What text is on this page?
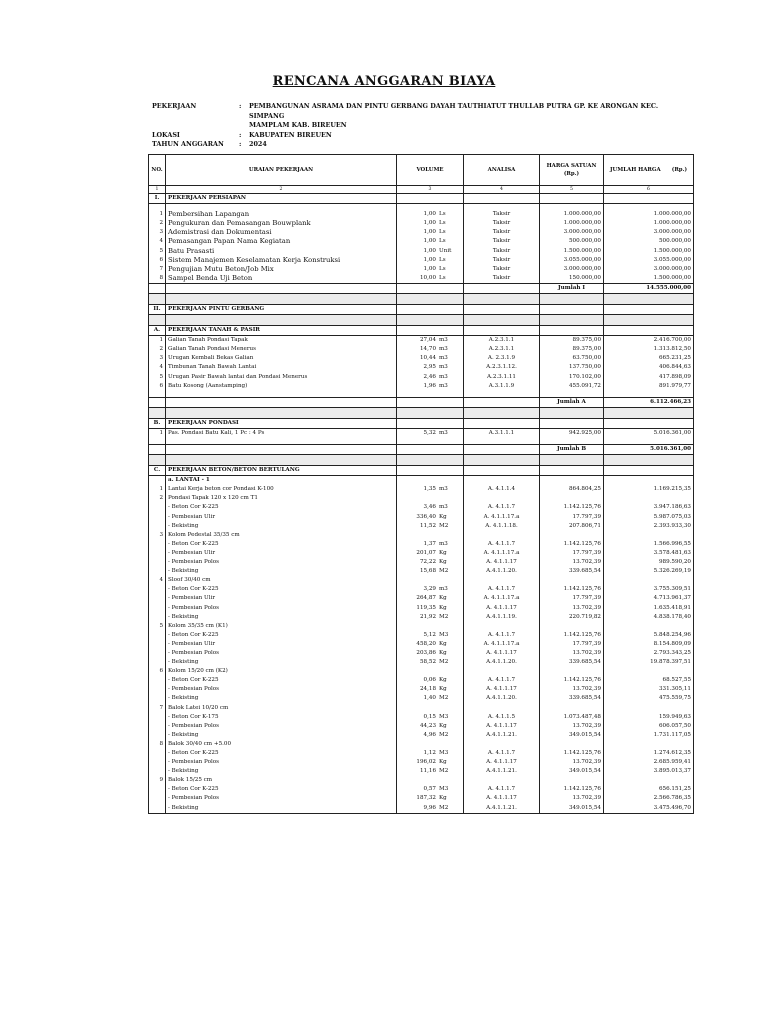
RENCANA ANGGARAN BIAYA
PEKERJAAN	:	PEMBANGUNAN ASRAMA DAN PINTU GERBANG DAYAH TAUTHIATUT THULLAB PUTRA GP. KE ARONGAN KEC. SIMPANG
MAMPLAM KAB. BIREUEN
LOKASI	:	KABUPATEN BIREUEN
TAHUN ANGGARAN	:	2024
NO.	URAIAN PEKERJAAN	VOLUME	ANALISA	HARGA SATUAN (Rp.)	JUMLAH HARGA (Rp.)

1	2	3	4	5	6
I.	PEKERJAAN PERSIAPAN				

1	Pembersihan Lapangan	1,00 Ls	Taksir	1.000.000,00	1.000.000,00
2	Pengukuran dan Pemasangan Bouwplank	1,00 Ls	Taksir	1.000.000,00	1.000.000,00
3	Ademistrasi dan Dokumentasi	1,00 Ls	Taksir	3.000.000,00	3.000.000,00
4	Pemasangan Papan Nama Kegiatan	1,00 Ls	Taksir	500.000,00	500.000,00
5	Batu Prasasti	1,00 Unit	Taksir	1.500.000,00	1.500.000,00
6	Sistem Manajemen Keselamatan Kerja Konstruksi	1,00 Ls	Taksir	3.055.000,00	3.055.000,00
7	Pengujian Mutu Beton/Job Mix	1,00 Ls	Taksir	3.000.000,00	3.000.000,00
8	Sampel Benda Uji Beton	10,00 Ls	Taksir	150.000,00	1.500.000,00
				Jumlah I	14.555.000,00

II.	PEKERJAAN PINTU GERBANG				

A.	PEKERJAAN TANAH & PASIR				
1	Galian Tanah Pondasi Tapak	27,04 m3	A.2.3.1.1	89.375,00	2.416.700,00
2	Galian Tanah Pondasi Menerus	14,70 m3	A.2.3.1.1	89.375,00	1.313.812,50
3	Urugan Kembali Bekas Galian	10,44 m3	A. 2.3.1.9	63.750,00	665.231,25
4	Timbunan Tanah Bawah Lantai	2,95 m3	A.2.3.1.12.	137.750,00	406.844,63
5	Urugan Pasir Bawah lantai dan Pondasi Menerus	2,46 m3	A.2.3.1.11	170.102,00	417.898,09
6	Batu Kosong (Aanstamping)	1,96 m3	A.3.1.1.9	455.091,72	891.979,77

				Jumlah A	6.112.466,23

B.	PEKERJAAN PONDASI				
1	Pas. Pondasi Batu Kali, 1 Pc : 4 Ps	5,32 m3	A.3.1.1.1	942.925,00	5.016.361,00

				Jumlah B	5.016.361,00

C.	PEKERJAAN BETON/BETON BERTULANG				
	a. LANTAI - 1				
1	Lantai Kerja beton cor Pondasi K-100	1,35 m3	A. 4.1.1.4	864.804,25	1.169.215,35
2	Pondasi Tapak 120 x 120 cm T1				
	- Beton Cor K-225	3,46 m3	A. 4.1.1.7	1.142.125,76	3.947.186,63
	- Pembesian Ulir	336,40 Kg	A. 4.1.1.17.a	17.797,39	5.987.075,03
	- Bekisting	11,52 M2	A. 4.1.1.18.	207.806,71	2.393.933,30
3	Kolom Pedestal 35/35 cm				
	- Beton Cor K-225	1,37 m3	A. 4.1.1.7	1.142.125,76	1.566.996,55
	- Pembesian Ulir	201,07 Kg	A. 4.1.1.17.a	17.797,39	3.578.481,63
	- Pembesian Polos	72,22 Kg	A. 4.1.1.17	13.702,39	989.590,20
	- Bekisting	15,68 M2	A.4.1.1.20.	339.685,54	5.326.269,19
4	Sloof 30/40 cm				
	- Beton Cor K-225	3,29 m3	A. 4.1.1.7	1.142.125,76	3.755.309,51
	- Pembesian Ulir	264,87 Kg	A. 4.1.1.17.a	17.797,39	4.713.961,37
	- Pembesian Polos	119,35 Kg	A. 4.1.1.17	13.702,39	1.635.418,91
	- Bekisting	21,92 M2	A.4.1.1.19.	220.719,82	4.838.178,40
5	Kolom 35/35 cm (K1)				
	- Beton Cor K-225	5,12 M3	A. 4.1.1.7	1.142.125,76	5.848.254,96
	- Pembesian Ulir	458,20 Kg	A. 4.1.1.17.a	17.797,39	8.154.809,09
	- Pembesian Polos	203,86 Kg	A. 4.1.1.17	13.702,39	2.793.343,25
	- Bekisting	58,52 M2	A.4.1.1.20.	339.685,54	19.878.397,51
6	Kolom 15/20 cm (K2)				
	- Beton Cor K-225	0,06 Kg	A. 4.1.1.7	1.142.125,76	68.527,55
	- Pembesian Polos	24,18 Kg	A. 4.1.1.17	13.702,39	331.305,11
	- Bekisting	1,40 M2	A.4.1.1.20.	339.685,54	475.559,75
7	Balok Latei 10/20 cm				
	- Beton Cor K-175	0,15 M3	A. 4.1.1.5	1.073.487,48	159.949,63
	- Pembesian Polos	44,23 Kg	A. 4.1.1.17	13.702,39	606.057,50
	- Bekisting	4,96 M2	A.4.1.1.21.	349.015,54	1.731.117,05
8	Balok 30/40 cm +5.00				
	- Beton Cor K-225	1,12 M3	A. 4.1.1.7	1.142.125,76	1.274.612,35
	- Pembesian Polos	196,02 Kg	A. 4.1.1.17	13.702,39	2.685.959,41
	- Bekisting	11,16 M2	A.4.1.1.21.	349.015,54	3.895.013,37
9	Balok 15/25 cm				
	- Beton Cor K-225	0,57 M3	A. 4.1.1.7	1.142.125,76	656.151,25
	- Pembesian Polos	187,32 Kg	A. 4.1.1.17	13.702,39	2.566.786,35
	- Bekisting	9,96 M2	A.4.1.1.21.	349.015,54	3.475.496,70
